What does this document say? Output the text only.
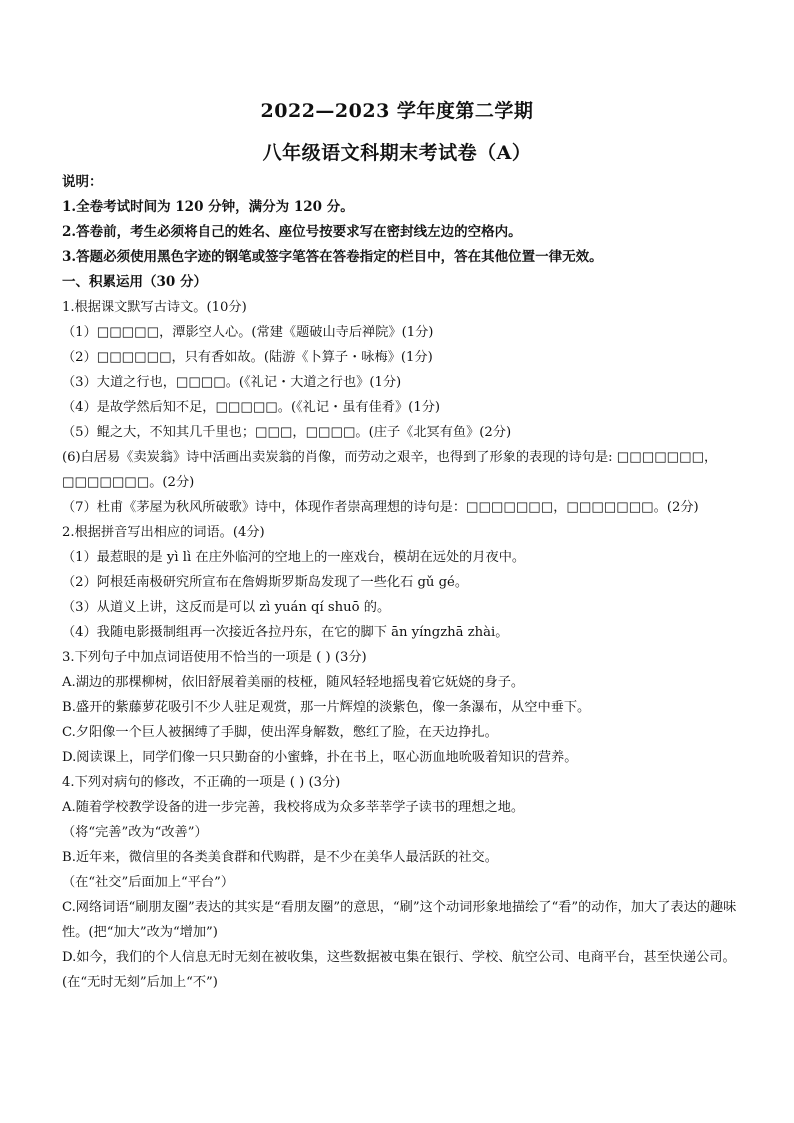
2022—2023 学年度第二学期
八年级语文科期末考试卷（A）
说明：
1.全卷考试时间为 120 分钟，满分为 120 分。
2.答卷前，考生必须将自己的姓名、座位号按要求写在密封线左边的空格内。
3.答题必须使用黑色字迹的钢笔或签字笔答在答卷指定的栏目中，答在其他位置一律无效。
一、积累运用（30 分）
1.根据课文默写古诗文。(10分)
（1）□□□□□，潭影空人心。(常建《题破山寺后禅院》(1分)
（2）□□□□□□，只有香如故。(陆游《卜算子・咏梅》(1分)
（3）大道之行也，□□□□。(《礼记・大道之行也》(1分)
（4）是故学然后知不足，□□□□□。(《礼记・虽有佳肴》(1分)
（5）鲲之大，不知其几千里也；□□□，□□□□。(庄子《北冥有鱼》(2分)
(6)白居易《卖炭翁》诗中活画出卖炭翁的肖像，而劳动之艰辛，也得到了形象的表现的诗句是: □□□□□□□，□□□□□□□。(2分)
（7）杜甫《茅屋为秋风所破歌》诗中，体现作者崇高理想的诗句是：□□□□□□□，□□□□□□□。(2分)
2.根据拼音写出相应的词语。(4分)
（1）最惹眼的是 yì lì 在庄外临河的空地上的一座戏台，模胡在远处的月夜中。
（2）阿根廷南极研究所宣布在詹姆斯罗斯岛发现了一些化石 gǔ gé。
（3）从道义上讲，这反而是可以 zì yuán qí shuō 的。
（4）我随电影摄制组再一次接近各拉丹东，在它的脚下 ān yíngzhā zhài。
3.下列句子中加点词语使用不恰当的一项是 ( ) (3分)
A.湖边的那棵柳树，依旧舒展着美丽的枝桠，随风轻轻地摇曳着它妩娆的身子。
B.盛开的紫藤萝花吸引不少人驻足观赏，那一片辉煌的淡紫色，像一条瀑布，从空中垂下。
C.夕阳像一个巨人被捆缚了手脚，使出浑身解数，憋红了脸，在天边挣扎。
D.阅读课上，同学们像一只只勤奋的小蜜蜂，扑在书上，呕心沥血地吮吸着知识的营养。
4.下列对病句的修改，不正确的一项是 ( ) (3分)
A.随着学校教学设备的进一步完善，我校将成为众多莘莘学子读书的理想之地。
（将“完善”改为“改善”）
B.近年来，微信里的各类美食群和代购群，是不少在美华人最活跃的社交。
（在“社交”后面加上“平台”）
C.网络词语“刷朋友圈”表达的其实是“看朋友圈”的意思，“刷”这个动词形象地描绘了“看”的动作，加大了表达的趣味性。(把“加大”改为“增加”)
D.如今，我们的个人信息无时无刻在被收集，这些数据被屯集在银行、学校、航空公司、电商平台，甚至快递公司。(在“无时无刻”后加上“不”)
